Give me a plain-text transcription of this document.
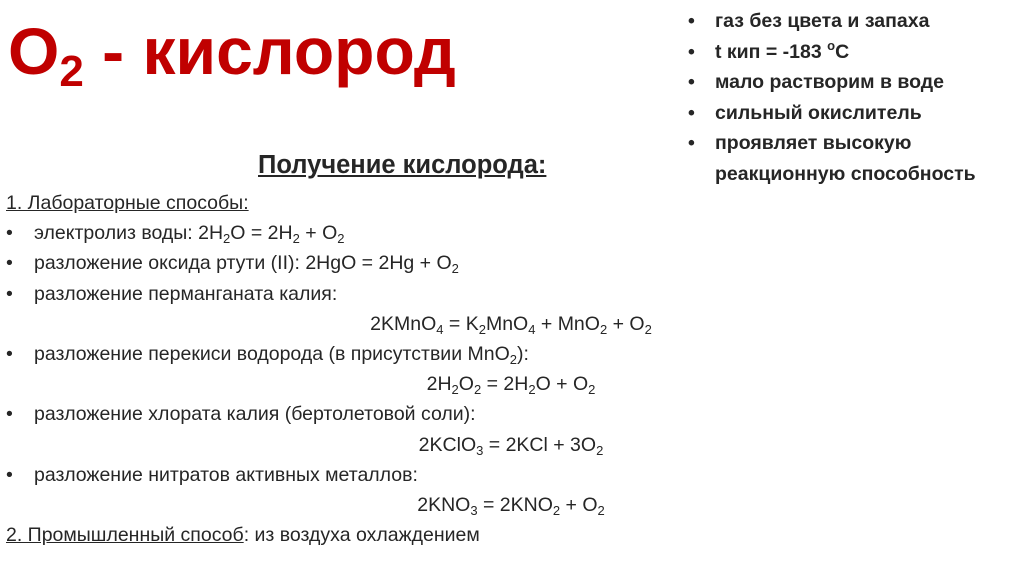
$O_2$ - кислород
•	газ без цвета и запаха
• t кип = -183 $^o$C
• мало растворим в воде
• сильный окислитель
• проявляет высокую реакционную способность
Получение кислорода:
1. Лабораторные способы:
• электролиз воды: $2H_2O = 2H_2 + O_2$
• разложение оксида ртути (II): $2HgO = 2Hg + O_2$
• разложение перманганата калия:
2KMnO$_4$ = $K_2MnO_4 + MnO_2 + O_2$
• разложение перекиси водорода (в присутствии MnO$_2$):
$2H_2O_2 = 2H_2O + O_2$
• разложение хлората калия (бертолетовой соли):
2KClO$_3$ = $2KCl + 3O_2$
• разложение нитратов активных металлов:
$2KNO_3 = 2KNO_2 + O_2$
2. Промышленный способ: из воздуха охлаждением
